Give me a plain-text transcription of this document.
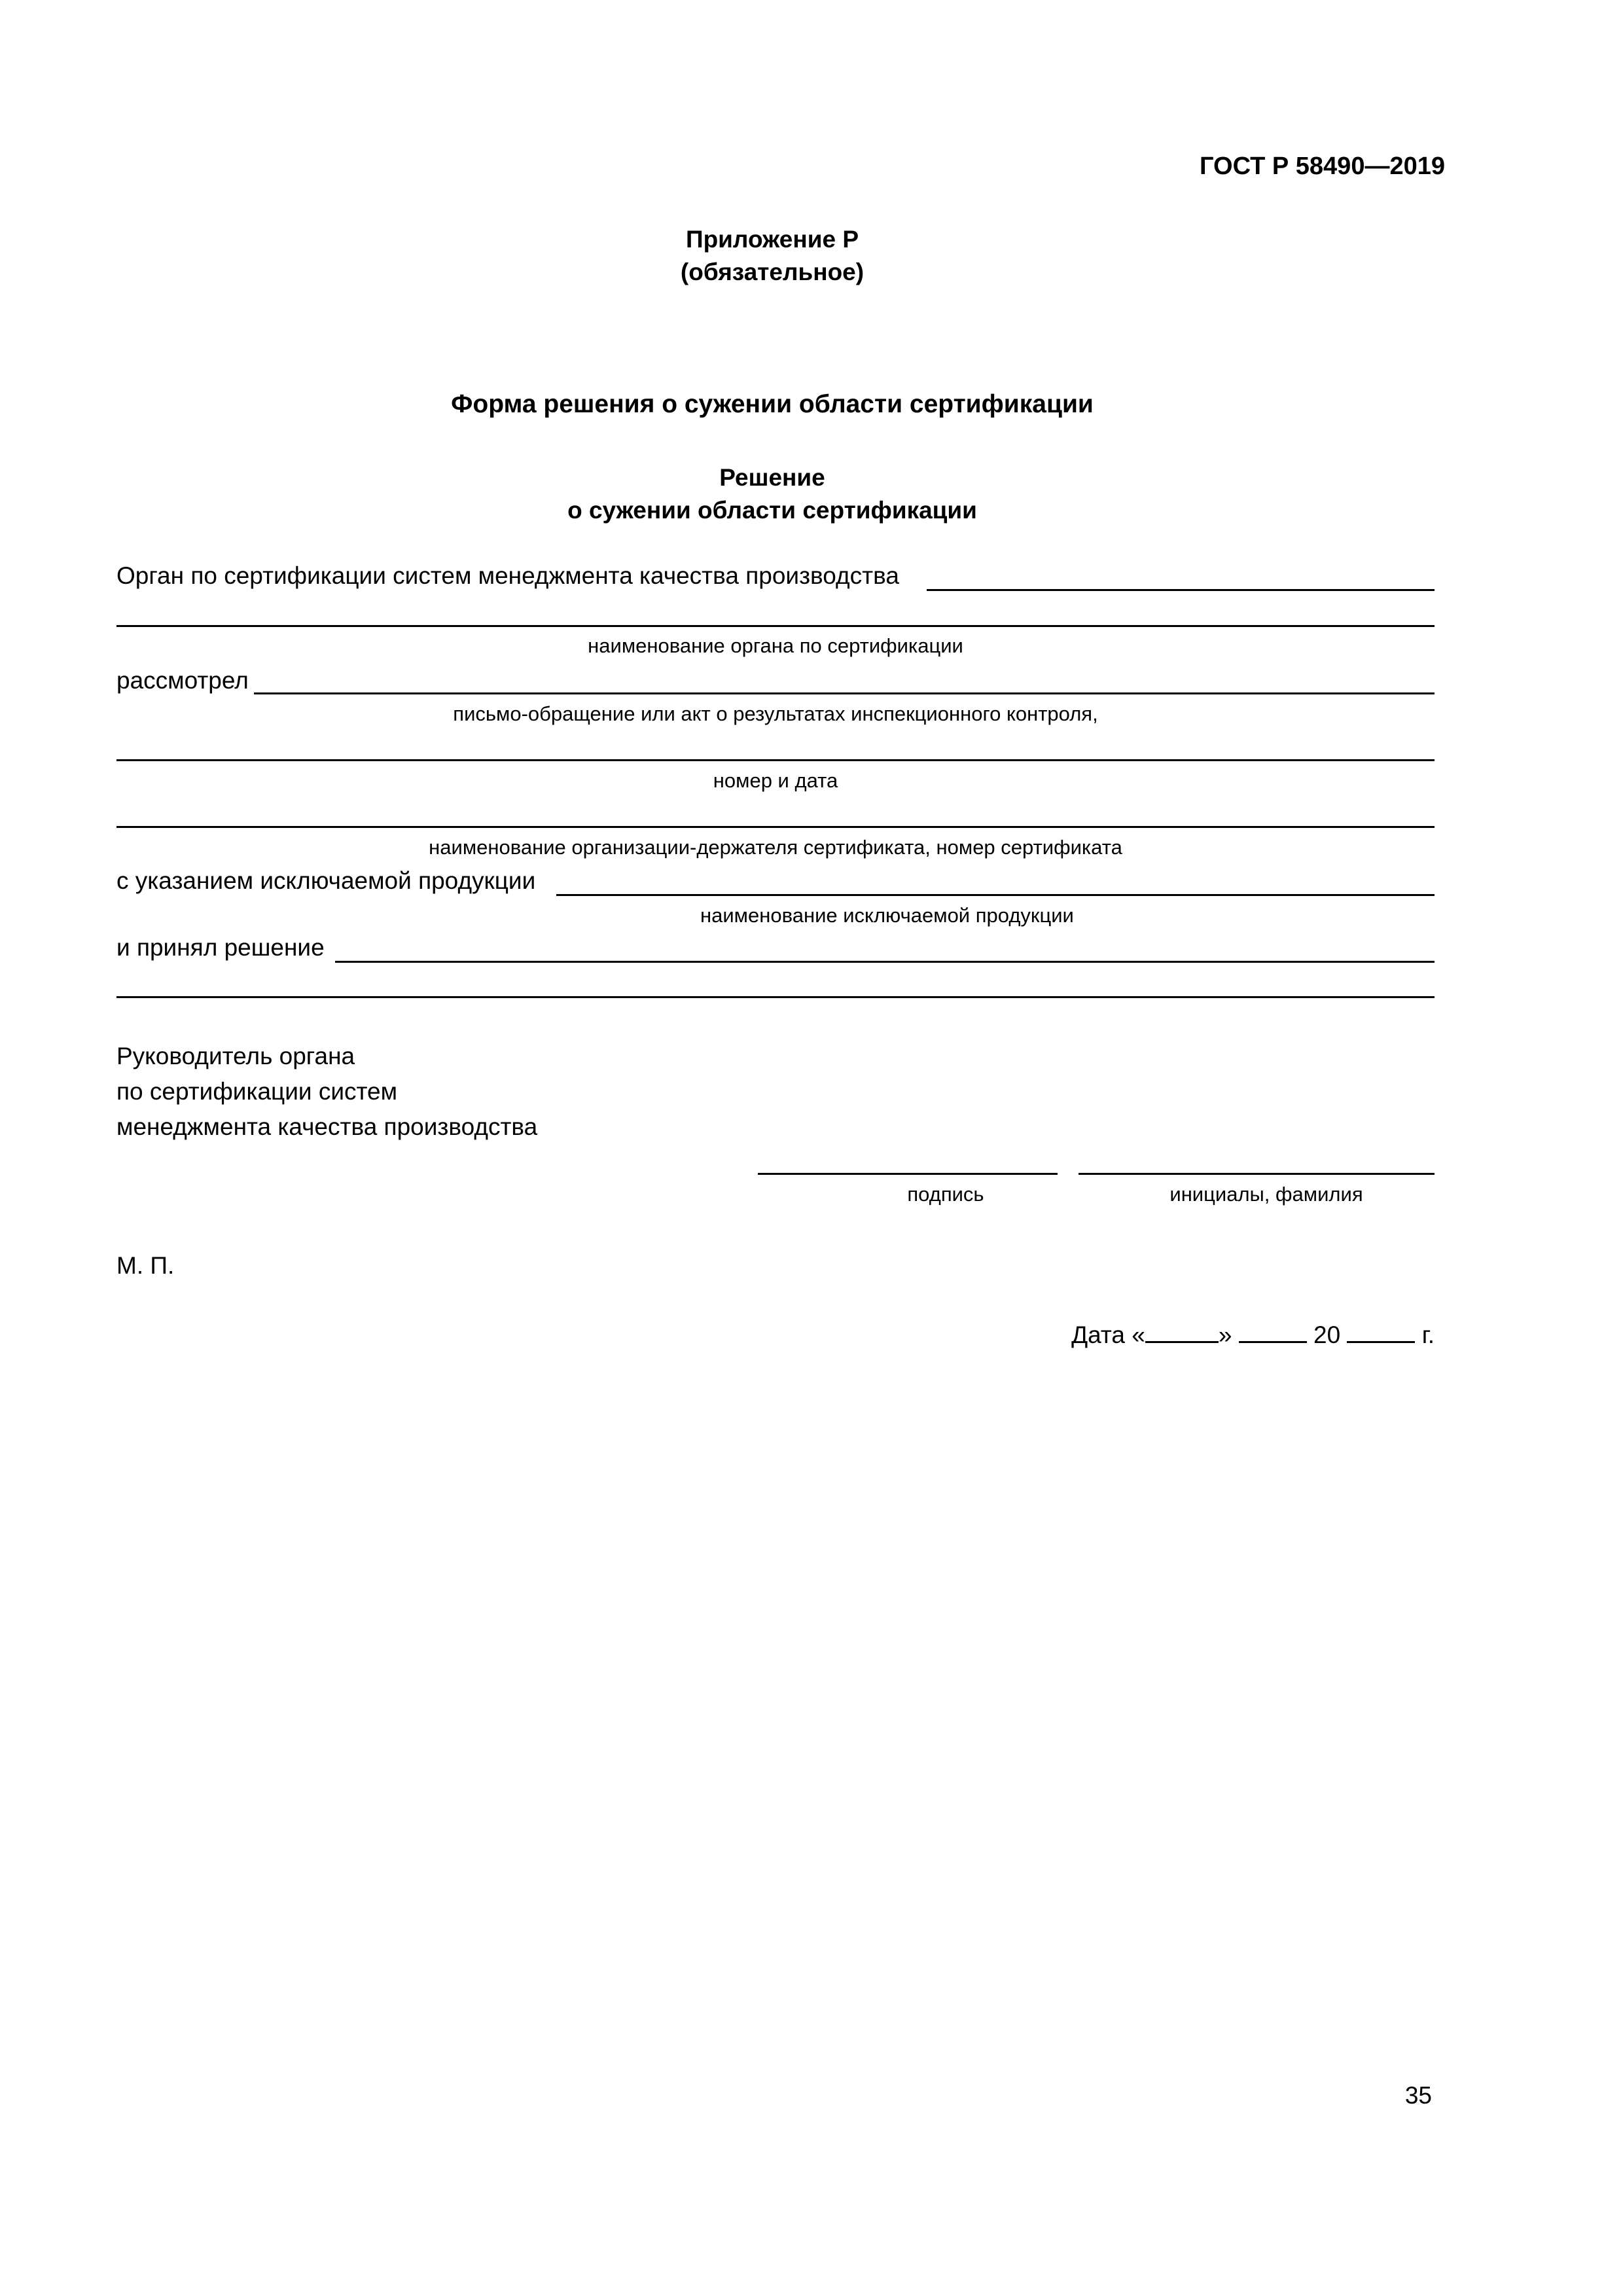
ГОСТ Р 58490—2019
Приложение Р
(обязательное)
Форма решения о сужении области сертификации
Решение
о сужении области сертификации
Орган по сертификации систем менеджмента качества производства
наименование органа по сертификации
рассмотрел
письмо-обращение или акт о результатах инспекционного контроля,
номер и дата
наименование организации-держателя сертификата, номер сертификата
с указанием исключаемой продукции
наименование исключаемой продукции
и принял решение
Руководитель органа
по сертификации систем
менеджмента качества производства
подпись	инициалы, фамилия
М. П.
Дата «	»	20	г.
35
